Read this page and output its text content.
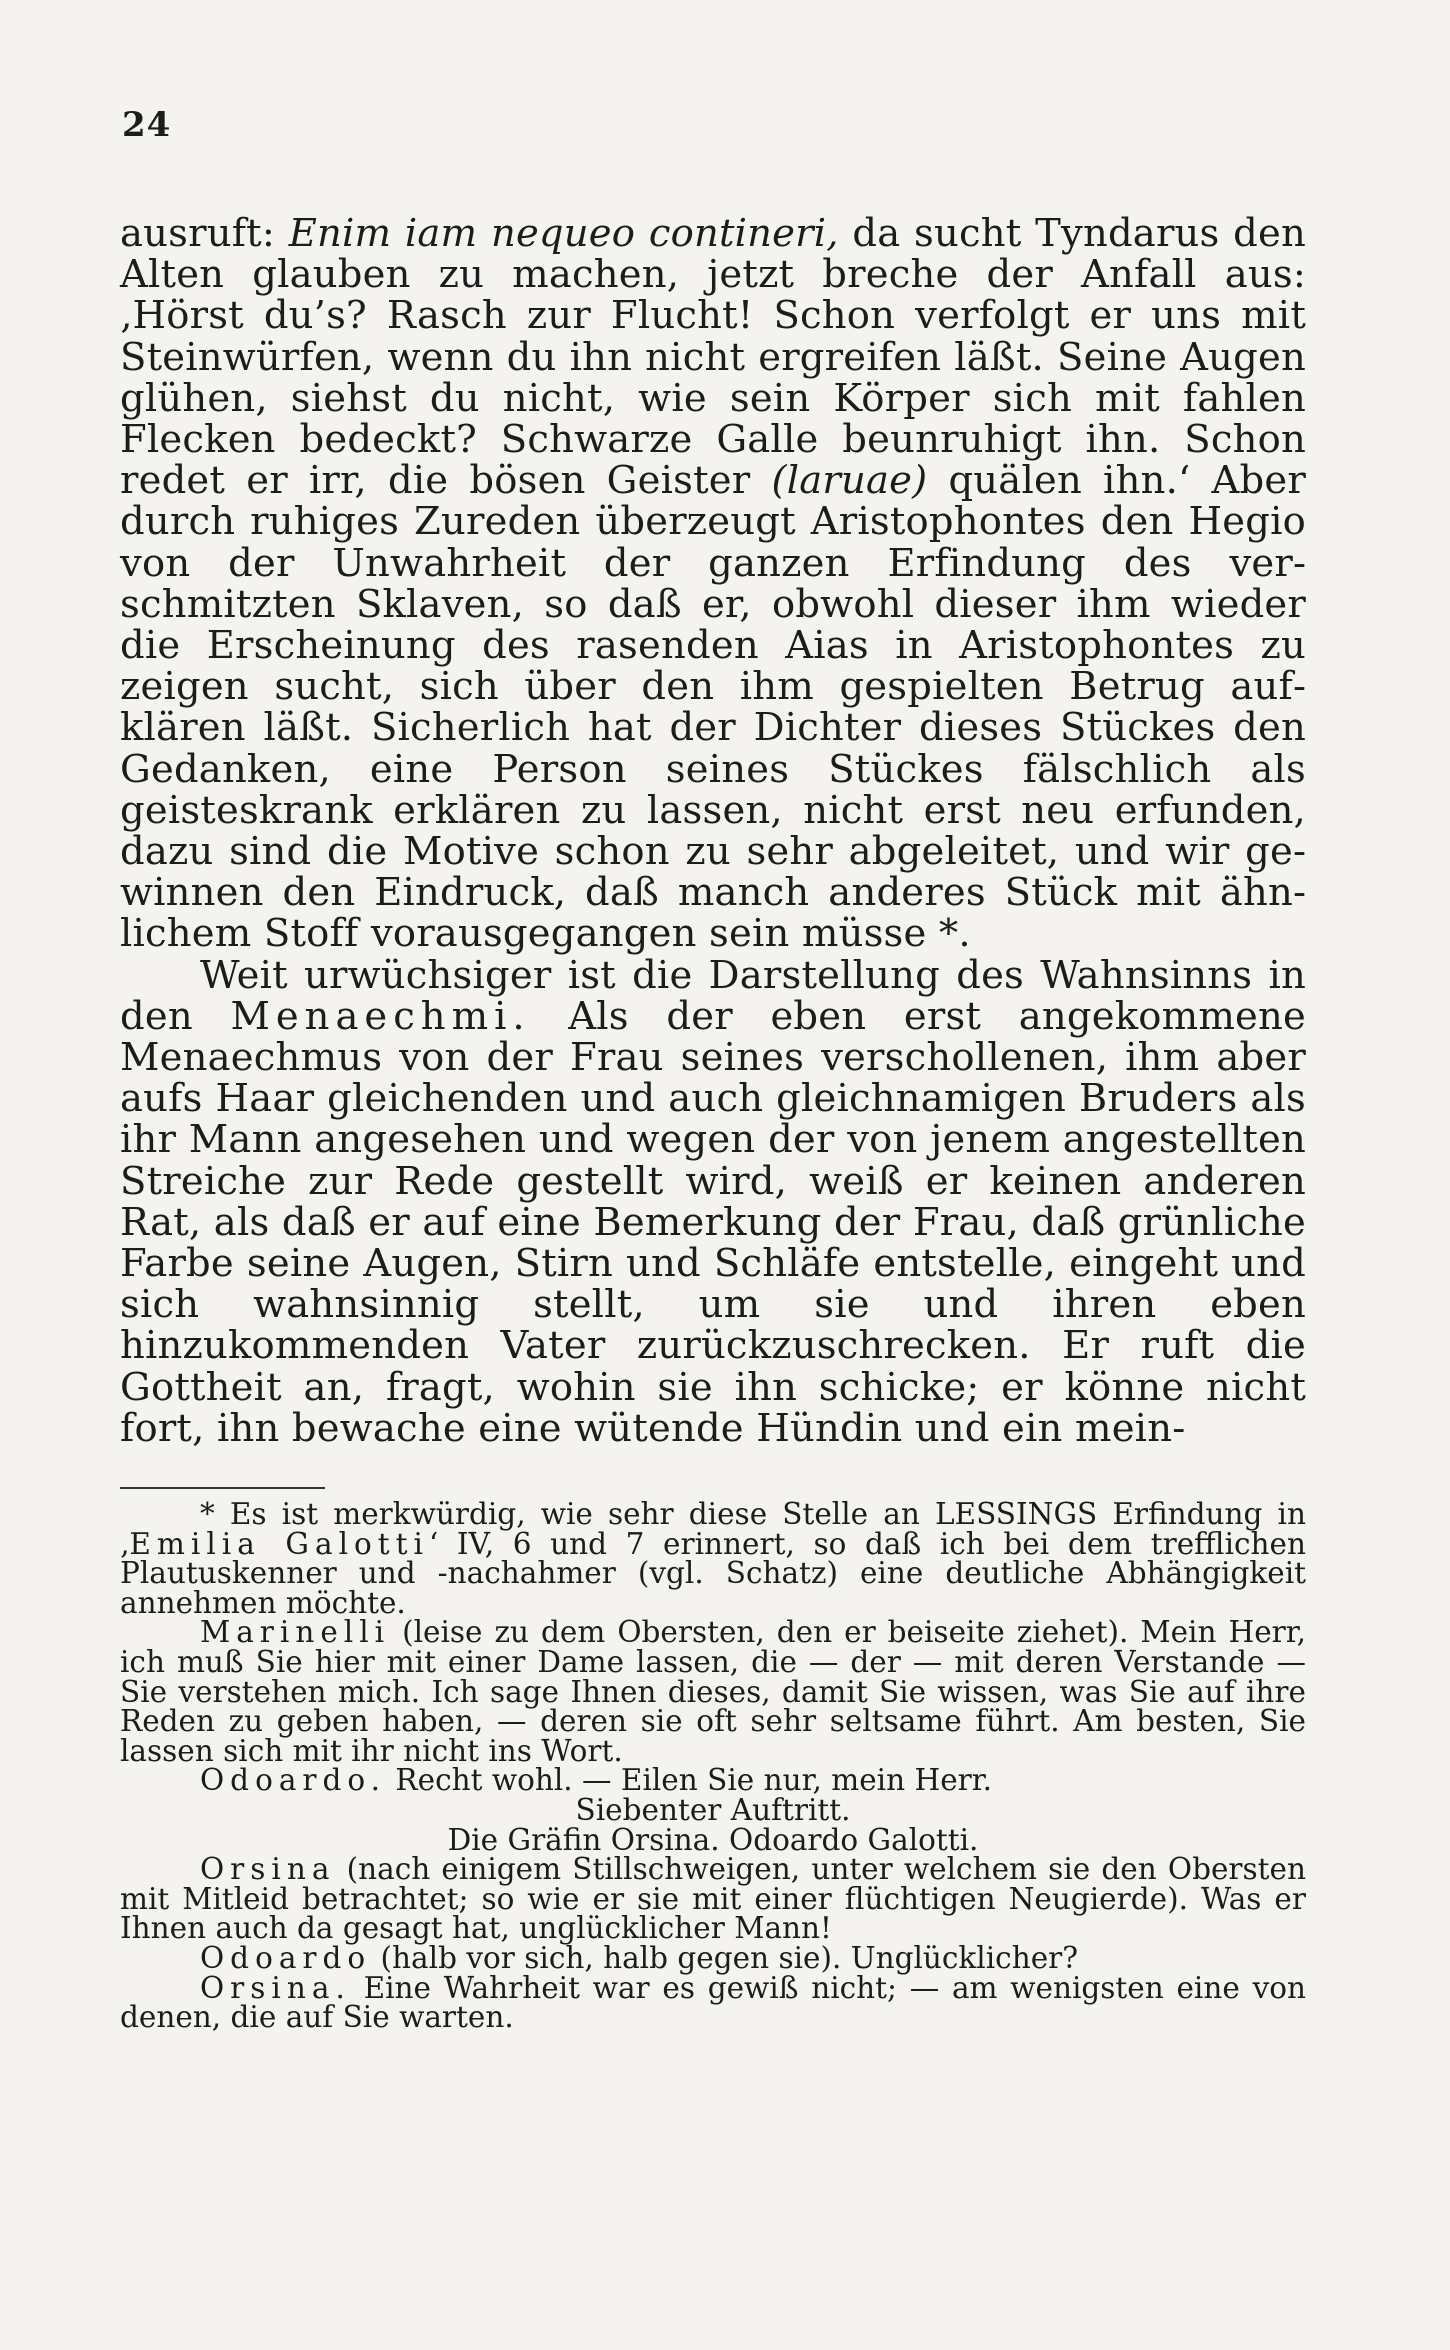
24

ausruft: Enim iam nequeo contineri, da sucht Tyndarus den Alten glauben zu machen, jetzt breche der Anfall aus: ‚Hörst du’s? Rasch zur Flucht! Schon verfolgt er uns mit Steinwürfen, wenn du ihn nicht ergreifen läßt. Seine Augen glühen, siehst du nicht, wie sein Körper sich mit fahlen Flecken bedeckt? Schwarze Galle beunruhigt ihn. Schon redet er irr, die bösen Geister (laruae) quälen ihn.‘ Aber durch ruhiges Zureden überzeugt Aristophontes den Hegio von der Unwahrheit der ganzen Erfindung des verschmitzten Sklaven, so daß er, obwohl dieser ihm wieder die Erscheinung des rasenden Aias in Aristophontes zu zeigen sucht, sich über den ihm gespielten Betrug aufklären läßt. Sicherlich hat der Dichter dieses Stückes den Gedanken, eine Person seines Stückes fälschlich als geisteskrank erklären zu lassen, nicht erst neu erfunden, dazu sind die Motive schon zu sehr abgeleitet, und wir gewinnen den Eindruck, daß manch anderes Stück mit ähnlichem Stoff vorausgegangen sein müsse *.

Weit urwüchsiger ist die Darstellung des Wahnsinns in den Menaechmi. Als der eben erst angekommene Menaechmus von der Frau seines verschollenen, ihm aber aufs Haar gleichenden und auch gleichnamigen Bruders als ihr Mann angesehen und wegen der von jenem angestellten Streiche zur Rede gestellt wird, weiß er keinen anderen Rat, als daß er auf eine Bemerkung der Frau, daß grünliche Farbe seine Augen, Stirn und Schläfe entstelle, eingeht und sich wahnsinnig stellt, um sie und ihren eben hinzukommenden Vater zurückzuschrecken. Er ruft die Gottheit an, fragt, wohin sie ihn schicke; er könne nicht fort, ihn bewache eine wütende Hündin und ein mein-

* Es ist merkwürdig, wie sehr diese Stelle an LESSINGS Erfindung in ‚Emilia Galotti‘ IV, 6 und 7 erinnert, so daß ich bei dem trefflichen Plautuskenner und -nachahmer (vgl. Schatz) eine deutliche Abhängigkeit annehmen möchte.

Marinelli (leise zu dem Obersten, den er beiseite ziehet). Mein Herr, ich muß Sie hier mit einer Dame lassen, die — der — mit deren Verstande — Sie verstehen mich. Ich sage Ihnen dieses, damit Sie wissen, was Sie auf ihre Reden zu geben haben, — deren sie oft sehr seltsame führt. Am besten, Sie lassen sich mit ihr nicht ins Wort.

Odoardo. Recht wohl. — Eilen Sie nur, mein Herr.

Siebenter Auftritt.

Die Gräfin Orsina. Odoardo Galotti.

Orsina (nach einigem Stillschweigen, unter welchem sie den Obersten mit Mitleid betrachtet; so wie er sie mit einer flüchtigen Neugierde). Was er Ihnen auch da gesagt hat, unglücklicher Mann!

Odoardo (halb vor sich, halb gegen sie). Unglücklicher?

Orsina. Eine Wahrheit war es gewiß nicht; — am wenigsten eine von denen, die auf Sie warten.
